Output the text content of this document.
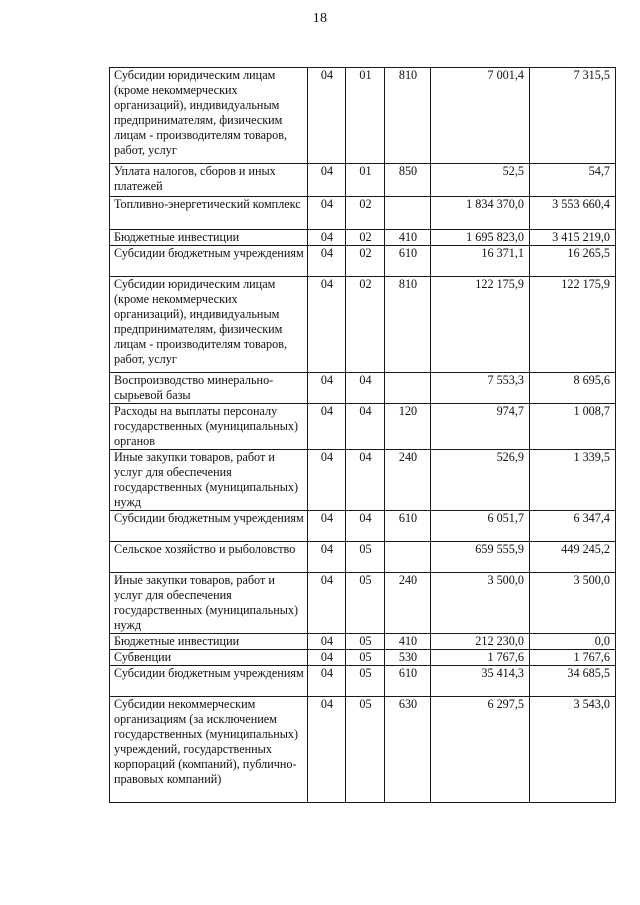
18
Субсидии юридическим лицам (кроме некоммерческих организаций), индивидуальным предпринимателям, физическим лицам - производителям товаров, работ, услуг	04	01	810	7 001,4	7 315,5
Уплата налогов, сборов и иных платежей	04	01	850	52,5	54,7
Топливно-энергетический комплекс	04	02		1 834 370,0	3 553 660,4
Бюджетные инвестиции	04	02	410	1 695 823,0	3 415 219,0
Субсидии бюджетным учреждениям	04	02	610	16 371,1	16 265,5
Субсидии юридическим лицам (кроме некоммерческих организаций), индивидуальным предпринимателям, физическим лицам - производителям товаров, работ, услуг	04	02	810	122 175,9	122 175,9
Воспроизводство минерально-сырьевой базы	04	04		7 553,3	8 695,6
Расходы на выплаты персоналу государственных (муниципальных) органов	04	04	120	974,7	1 008,7
Иные закупки товаров, работ и услуг для обеспечения государственных (муниципальных) нужд	04	04	240	526,9	1 339,5
Субсидии бюджетным учреждениям	04	04	610	6 051,7	6 347,4
Сельское хозяйство и рыболовство	04	05		659 555,9	449 245,2
Иные закупки товаров, работ и услуг для обеспечения государственных (муниципальных) нужд	04	05	240	3 500,0	3 500,0
Бюджетные инвестиции	04	05	410	212 230,0	0,0
Субвенции	04	05	530	1 767,6	1 767,6
Субсидии бюджетным учреждениям	04	05	610	35 414,3	34 685,5
Субсидии некоммерческим организациям (за исключением государственных (муниципальных) учреждений, государственных корпораций (компаний), публично-правовых компаний)	04	05	630	6 297,5	3 543,0
